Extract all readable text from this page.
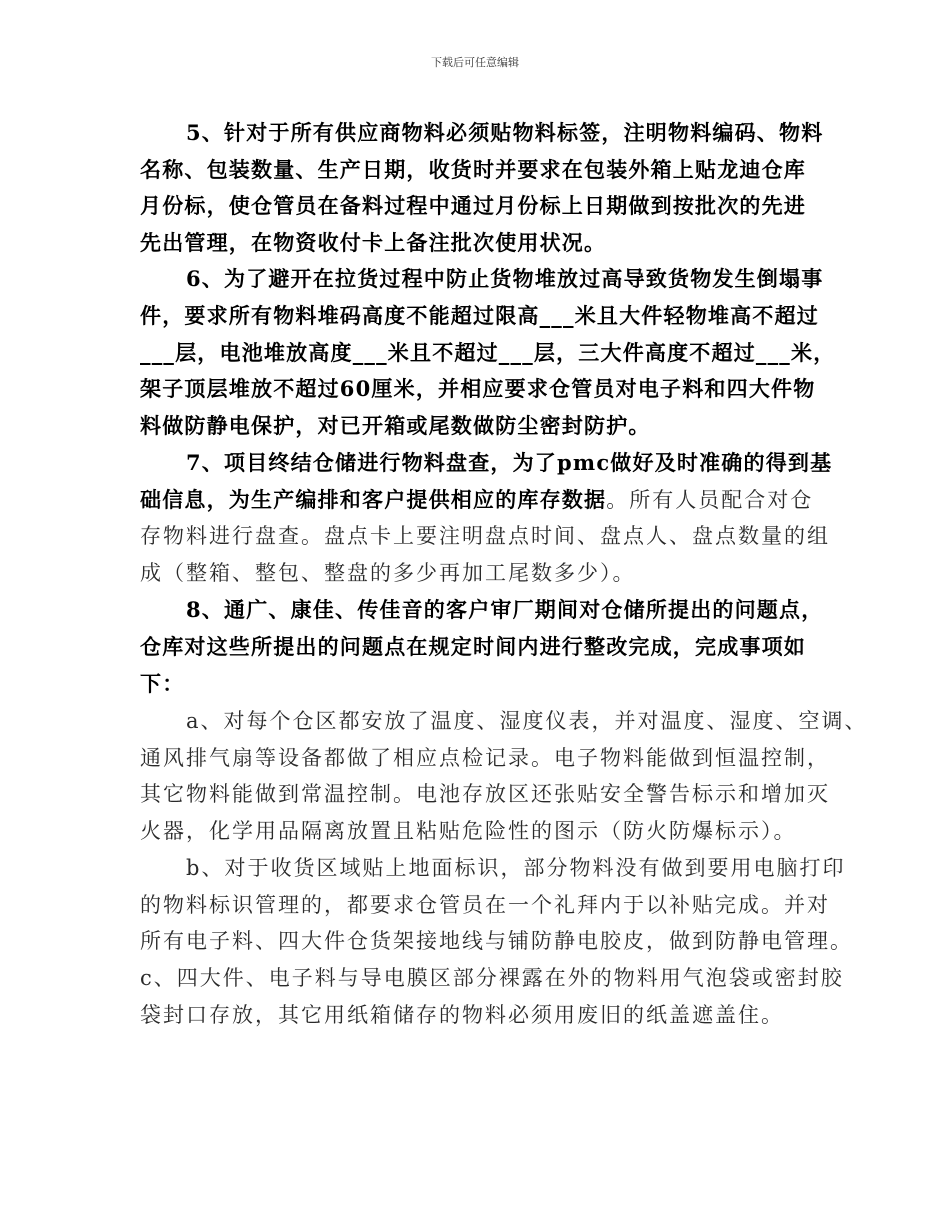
下载后可任意编辑
5、针对于所有供应商物料必须贴物料标签，注明物料编码、物料
名称、包装数量、生产日期，收货时并要求在包装外箱上贴龙迪仓库
月份标，使仓管员在备料过程中通过月份标上日期做到按批次的先进
先出管理，在物资收付卡上备注批次使用状况。
6、为了避开在拉货过程中防止货物堆放过高导致货物发生倒塌事
件，要求所有物料堆码高度不能超过限高___米且大件轻物堆高不超过
___层，电池堆放高度___米且不超过___层，三大件高度不超过___米，
架子顶层堆放不超过60厘米，并相应要求仓管员对电子料和四大件物
料做防静电保护，对已开箱或尾数做防尘密封防护。
7、项目终结仓储进行物料盘查，为了pmc做好及时准确的得到基
础信息，为生产编排和客户提供相应的库存数据。所有人员配合对仓
存物料进行盘查。盘点卡上要注明盘点时间、盘点人、盘点数量的组
成（整箱、整包、整盘的多少再加工尾数多少）。
8、通广、康佳、传佳音的客户审厂期间对仓储所提出的问题点，
仓库对这些所提出的问题点在规定时间内进行整改完成，完成事项如
下：
a、对每个仓区都安放了温度、湿度仪表，并对温度、湿度、空调、
通风排气扇等设备都做了相应点检记录。电子物料能做到恒温控制，
其它物料能做到常温控制。电池存放区还张贴安全警告标示和增加灭
火器，化学用品隔离放置且粘贴危险性的图示（防火防爆标示）。
b、对于收货区域贴上地面标识，部分物料没有做到要用电脑打印
的物料标识管理的，都要求仓管员在一个礼拜内于以补贴完成。并对
所有电子料、四大件仓货架接地线与铺防静电胶皮，做到防静电管理。
c、四大件、电子料与导电膜区部分裸露在外的物料用气泡袋或密封胶
袋封口存放，其它用纸箱储存的物料必须用废旧的纸盖遮盖住。
